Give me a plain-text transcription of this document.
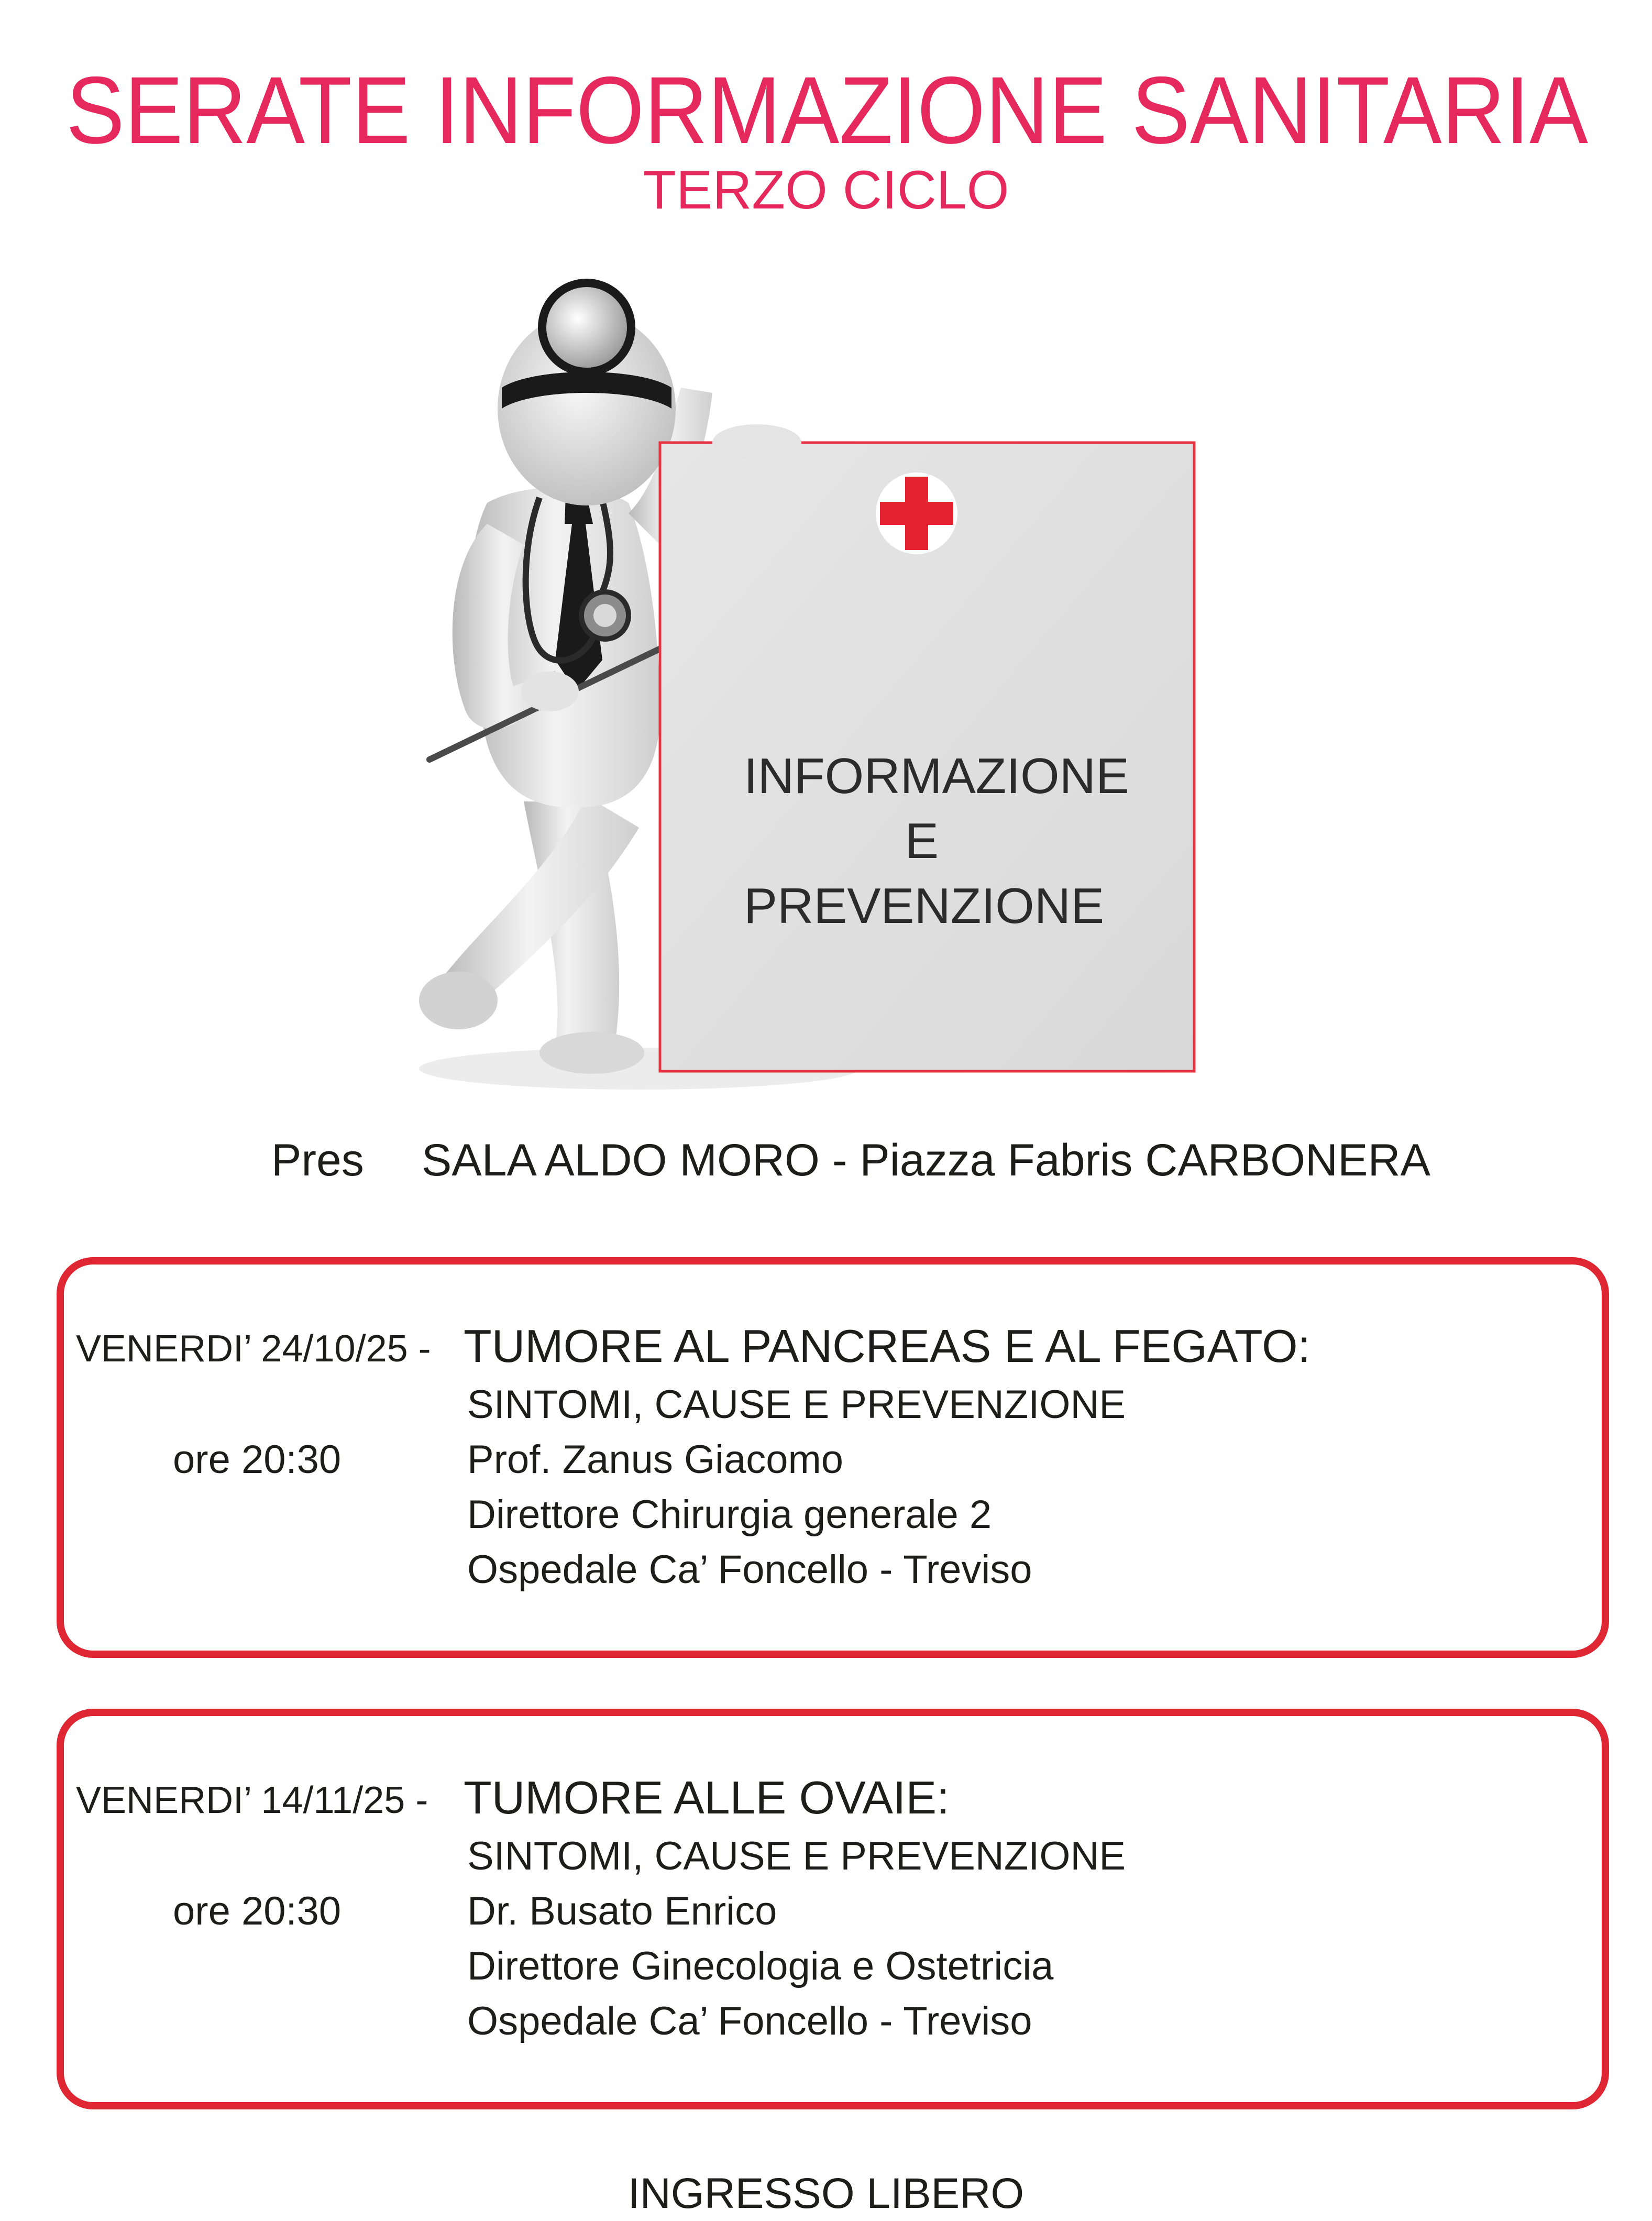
SERATE INFORMAZIONE SANITARIA
TERZO CICLO
INFORMAZIONE
E
PREVENZIONE
Pres SALA ALDO MORO - Piazza Fabris CARBONERA
VENERDI’ 24/10/25 - TUMORE AL PANCREAS E AL FEGATO:
SINTOMI, CAUSE E PREVENZIONE
ore 20:30	Prof. Zanus Giacomo
Direttore Chirurgia generale 2
Ospedale Ca’ Foncello - Treviso
VENERDI’ 14/11/25 - TUMORE ALLE OVAIE:
SINTOMI, CAUSE E PREVENZIONE
ore 20:30	Dr. Busato Enrico
Direttore Ginecologia e Ostetricia
Ospedale Ca’ Foncello - Treviso
INGRESSO LIBERO
